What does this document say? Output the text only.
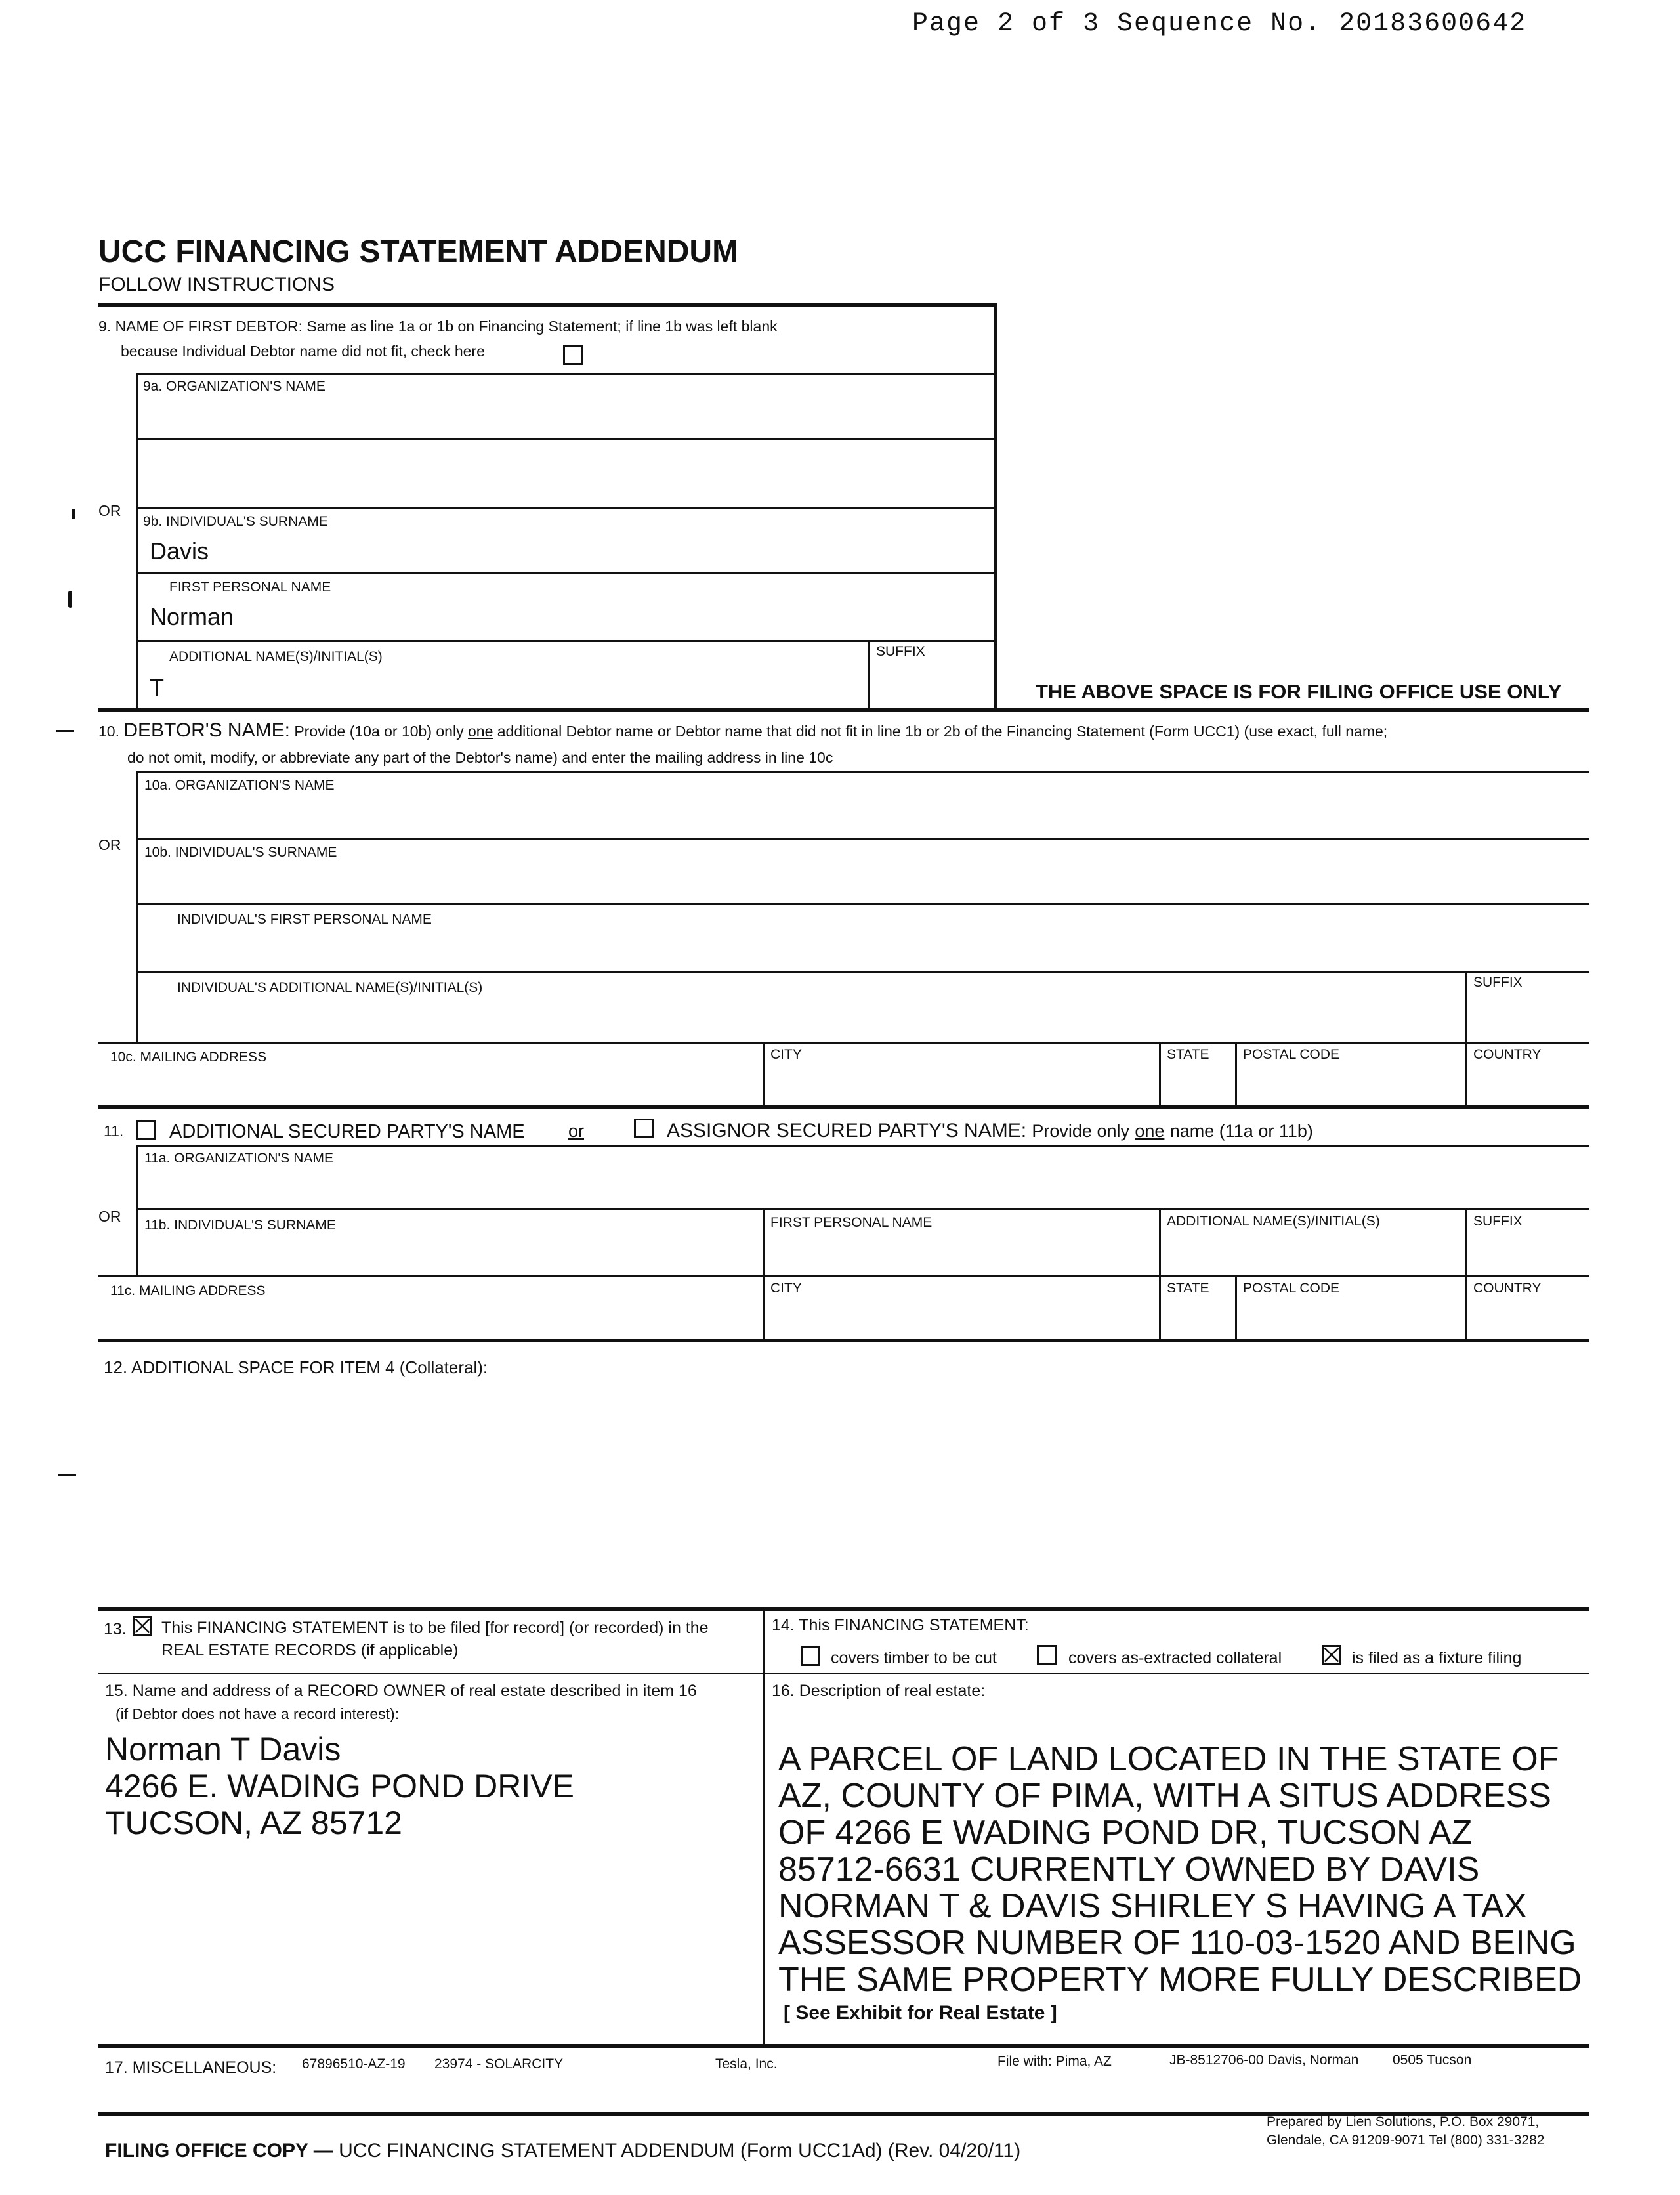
Page 2 of 3 Sequence No. 20183600642
UCC FINANCING STATEMENT ADDENDUM
FOLLOW INSTRUCTIONS
9. NAME OF FIRST DEBTOR: Same as line 1a or 1b on Financing Statement; if line 1b was left blank
because Individual Debtor name did not fit, check here
9a. ORGANIZATION'S NAME
OR
9b. INDIVIDUAL'S SURNAME
Davis
FIRST PERSONAL NAME
Norman
ADDITIONAL NAME(S)/INITIAL(S)
T
SUFFIX
THE ABOVE SPACE IS FOR FILING OFFICE USE ONLY
10. DEBTOR'S NAME: Provide (10a or 10b) only one additional Debtor name or Debtor name that did not fit in line 1b or 2b of the Financing Statement (Form UCC1) (use exact, full name;
do not omit, modify, or abbreviate any part of the Debtor's name) and enter the mailing address in line 10c
10a. ORGANIZATION'S NAME
OR 10b. INDIVIDUAL'S SURNAME
INDIVIDUAL'S FIRST PERSONAL NAME
INDIVIDUAL'S ADDITIONAL NAME(S)/INITIAL(S)	SUFFIX
10c. MAILING ADDRESS	CITY	STATE POSTAL CODE	COUNTRY
11. ADDITIONAL SECURED PARTY'S NAME or	ASSIGNOR SECURED PARTY'S NAME: Provide only one name (11a or 11b)
11a. ORGANIZATION'S NAME
OR
11b. INDIVIDUAL'S SURNAME	FIRST PERSONAL NAME	ADDITIONAL NAME(S)/INITIAL(S)	SUFFIX
11c. MAILING ADDRESS	CITY	STATE POSTAL CODE	COUNTRY
12. ADDITIONAL SPACE FOR ITEM 4 (Collateral):
13. This FINANCING STATEMENT is to be filed [for record] (or recorded) in the
REAL ESTATE RECORDS (if applicable)
14. This FINANCING STATEMENT:
covers timber to be cut	covers as-extracted collateral	is filed as a fixture filing
15. Name and address of a RECORD OWNER of real estate described in item 16
(if Debtor does not have a record interest):
Norman T Davis
4266 E. WADING POND DRIVE
TUCSON, AZ 85712
16. Description of real estate:
A PARCEL OF LAND LOCATED IN THE STATE OF
AZ, COUNTY OF PIMA, WITH A SITUS ADDRESS
OF 4266 E WADING POND DR, TUCSON AZ
85712-6631 CURRENTLY OWNED BY DAVIS
NORMAN T & DAVIS SHIRLEY S HAVING A TAX
ASSESSOR NUMBER OF 110-03-1520 AND BEING
THE SAME PROPERTY MORE FULLY DESCRIBED
[ See Exhibit for Real Estate ]
17. MISCELLANEOUS: 67896510-AZ-19 23974 - SOLARCITY	Tesla, Inc.	File with: Pima, AZ	JB-8512706-00 Davis, Norman 0505 Tucson
FILING OFFICE COPY — UCC FINANCING STATEMENT ADDENDUM (Form UCC1Ad) (Rev. 04/20/11)
Prepared by Lien Solutions, P.O. Box 29071,
Glendale, CA 91209-9071 Tel (800) 331-3282
